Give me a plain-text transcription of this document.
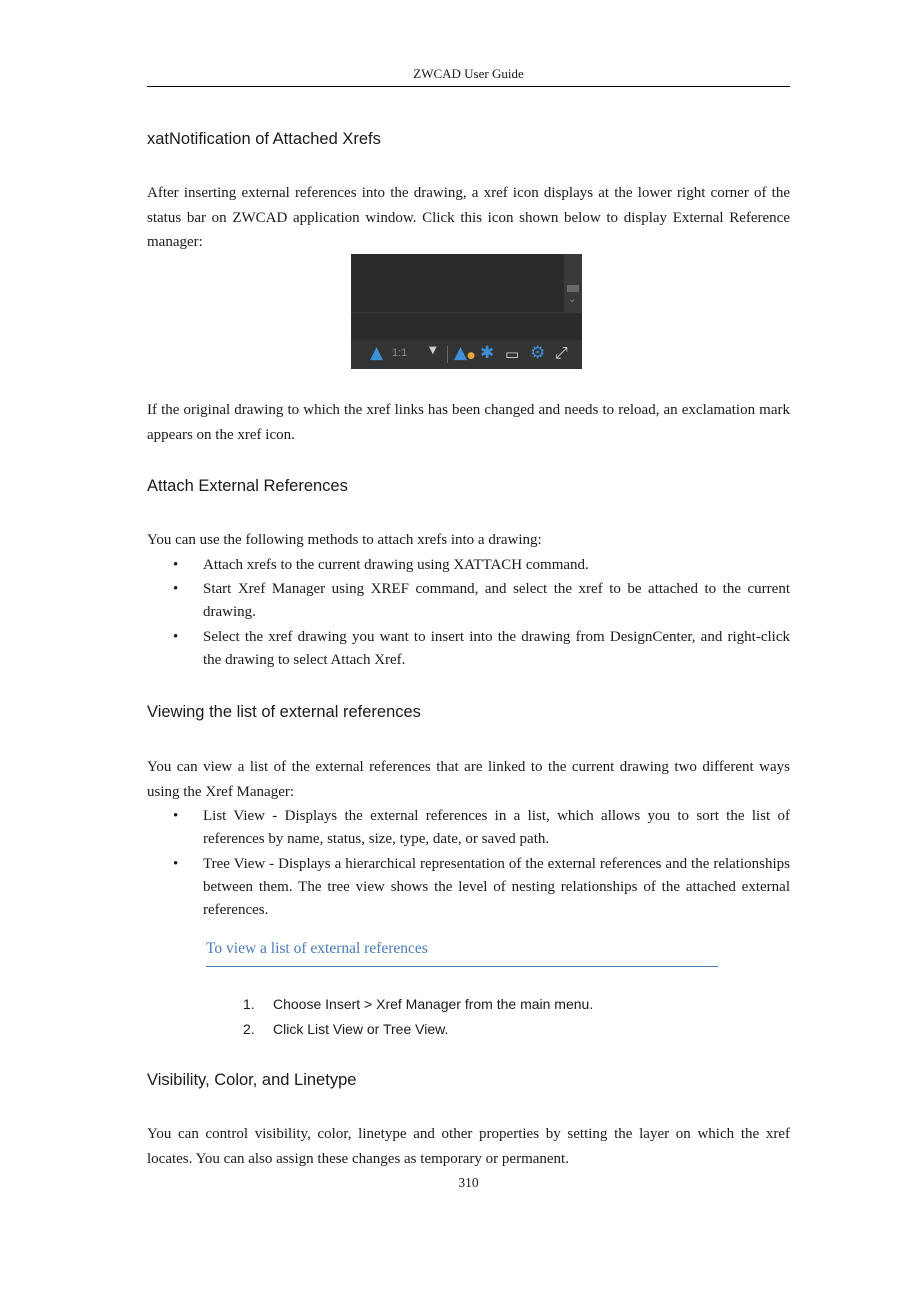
ZWCAD User Guide
xatNotification of Attached Xrefs

After inserting external references into the drawing, a xref icon displays at the lower right corner of the status bar on ZWCAD application window. Click this icon shown below to display External Reference manager:

⌄
▲ 1:1 ▼ ▲● ✱ ▭ ⚙ ⤢

If the original drawing to which the xref links has been changed and needs to reload, an exclamation mark appears on the xref icon.

Attach External References

You can use the following methods to attach xrefs into a drawing:

• Attach xrefs to the current drawing using XATTACH command.
• Start Xref Manager using XREF command, and select the xref to be attached to the current drawing.
• Select the xref drawing you want to insert into the drawing from DesignCenter, and right-click the drawing to select Attach Xref.
Viewing the list of external references

You can view a list of the external references that are linked to the current drawing two different ways using the Xref Manager:

• List View - Displays the external references in a list, which allows you to sort the list of references by name, status, size, type, date, or saved path.
• Tree View - Displays a hierarchical representation of the external references and the relationships between them. The tree view shows the level of nesting relationships of the attached external references.
To view a list of external references
1. Choose Insert > Xref Manager from the main menu.
2. Click List View or Tree View.
Visibility, Color, and Linetype

You can control visibility, color, linetype and other properties by setting the layer on which the xref locates. You can also assign these changes as temporary or permanent.

310
